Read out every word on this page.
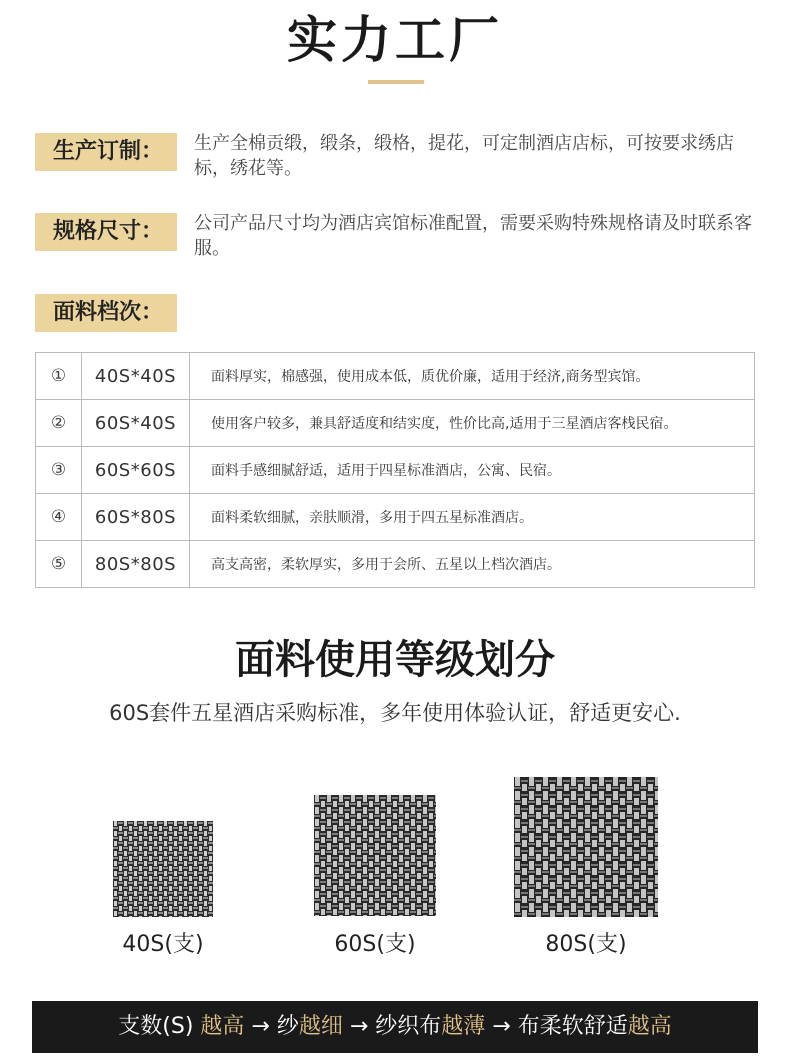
实力工厂
生产订制：	生产全棉贡缎，缎条，缎格，提花，可定制酒店店标，可按要求绣店标，绣花等。
规格尺寸：	公司产品尺寸均为酒店宾馆标准配置，需要采购特殊规格请及时联系客服。
面料档次：
①	40S*40S	面料厚实，棉感强，使用成本低，质优价廉，适用于经济,商务型宾馆。
②	60S*40S	使用客户较多，兼具舒适度和结实度，性价比高,适用于三星酒店客栈民宿。
③	60S*60S	面料手感细腻舒适，适用于四星标准酒店，公寓、民宿。
④	60S*80S	面料柔软细腻，亲肤顺滑，多用于四五星标准酒店。
⑤	80S*80S	高支高密，柔软厚实，多用于会所、五星以上档次酒店。
面料使用等级划分
60S套件五星酒店采购标准，多年使用体验认证，舒适更安心.
40S(支)	60S(支)	80S(支)
支数(S) 越高 → 纱越细 → 纱织布越薄 → 布柔软舒适越高
